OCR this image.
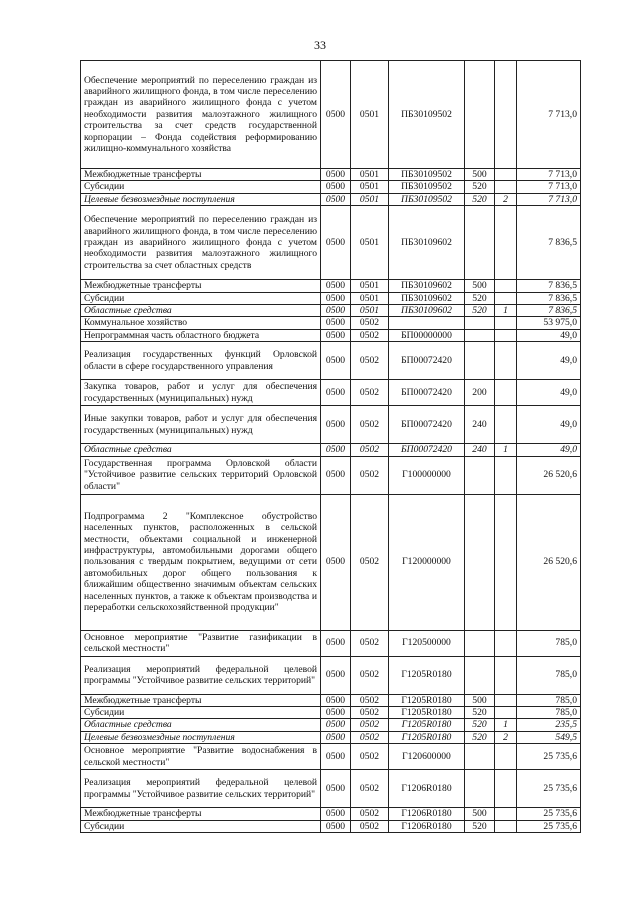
33
Обеспечение мероприятий по переселению граждан из аварийного жилищного фонда, в том числе переселению граждан из аварийного жилищного фонда с учетом необходимости развития малоэтажного жилищного строительства за счет средств государственной корпорации – Фонда содействия реформированию жилищно-коммунального хозяйства	0500	0501	ПБ30109502			7 713,0
Межбюджетные трансферты	0500	0501	ПБ30109502	500		7 713,0
Субсидии	0500	0501	ПБ30109502	520		7 713,0
Целевые безвозмездные поступления	0500	0501	ПБ30109502	520	2	7 713,0
Обеспечение мероприятий по переселению граждан из аварийного жилищного фонда, в том числе переселению граждан из аварийного жилищного фонда с учетом необходимости развития малоэтажного жилищного строительства за счет областных средств	0500	0501	ПБ30109602			7 836,5
Межбюджетные трансферты	0500	0501	ПБ30109602	500		7 836,5
Субсидии	0500	0501	ПБ30109602	520		7 836,5
Областные средства	0500	0501	ПБ30109602	520	1	7 836,5
Коммунальное хозяйство	0500	0502				53 975,0
Непрограммная часть областного бюджета	0500	0502	БП00000000			49,0
Реализация государственных функций Орловской области в сфере государственного управления	0500	0502	БП00072420			49,0
Закупка товаров, работ и услуг для обеспечения государственных (муниципальных) нужд	0500	0502	БП00072420	200		49,0
Иные закупки товаров, работ и услуг для обеспечения государственных (муниципальных) нужд	0500	0502	БП00072420	240		49,0
Областные средства	0500	0502	БП00072420	240	1	49,0
Государственная программа Орловской области "Устойчивое развитие сельских территорий Орловской области"	0500	0502	Г100000000			26 520,6
Подпрограмма 2 "Комплексное обустройство населенных пунктов, расположенных в сельской местности, объектами социальной и инженерной инфраструктуры, автомобильными дорогами общего пользования с твердым покрытием, ведущими от сети автомобильных дорог общего пользования к ближайшим общественно значимым объектам сельских населенных пунктов, а также к объектам производства и переработки сельскохозяйственной продукции"	0500	0502	Г120000000			26 520,6
Основное мероприятие "Развитие газификации в сельской местности"	0500	0502	Г120500000			785,0
Реализация мероприятий федеральной целевой программы "Устойчивое развитие сельских территорий"	0500	0502	Г1205R0180			785,0
Межбюджетные трансферты	0500	0502	Г1205R0180	500		785,0
Субсидии	0500	0502	Г1205R0180	520		785,0
Областные средства	0500	0502	Г1205R0180	520	1	235,5
Целевые безвозмездные поступления	0500	0502	Г1205R0180	520	2	549,5
Основное мероприятие "Развитие водоснабжения в сельской местности"	0500	0502	Г120600000			25 735,6
Реализация мероприятий федеральной целевой программы "Устойчивое развитие сельских территорий"	0500	0502	Г1206R0180			25 735,6
Межбюджетные трансферты	0500	0502	Г1206R0180	500		25 735,6
Субсидии	0500	0502	Г1206R0180	520		25 735,6
